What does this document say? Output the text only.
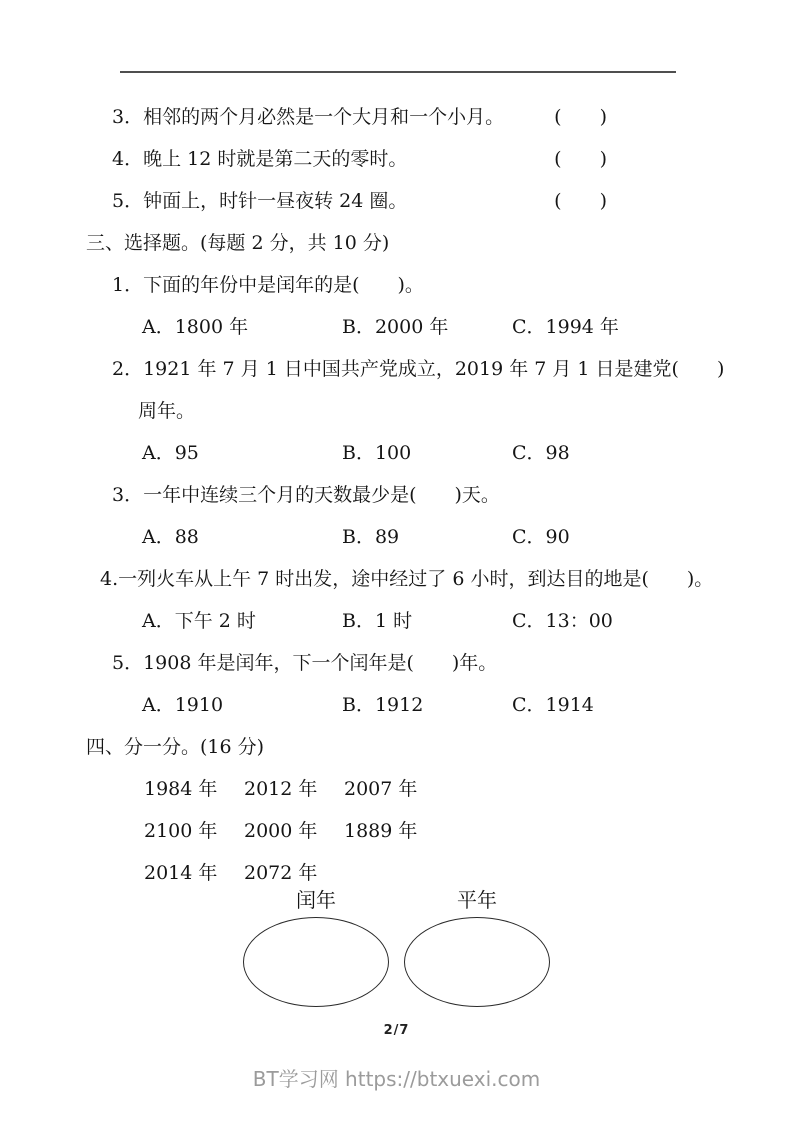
3．相邻的两个月必然是一个大月和一个小月。	(　　)
4．晚上 12 时就是第二天的零时。	(　　)
5．钟面上，时针一昼夜转 24 圈。	(　　)
三、选择题。(每题 2 分，共 10 分)
1．下面的年份中是闰年的是(　　)。
A．1800 年	B．2000 年	C．1994 年
2．1921 年 7 月 1 日中国共产党成立，2019 年 7 月 1 日是建党(　　)
周年。
A．95	B．100	C．98
3．一年中连续三个月的天数最少是(　　)天。
A．88	B．89	C．90
4.一列火车从上午 7 时出发，途中经过了 6 小时，到达目的地是(　　)。
A．下午 2 时	B．1 时	C．13：00
5．1908 年是闰年，下一个闰年是(　　)年。
A．1910	B．1912	C．1914
四、分一分。(16 分)
1984 年	2012 年	2007 年
2100 年	2000 年	1889 年
2014 年	2072 年
闰年	平年
2/7
BT学习网 https://btxuexi.com
